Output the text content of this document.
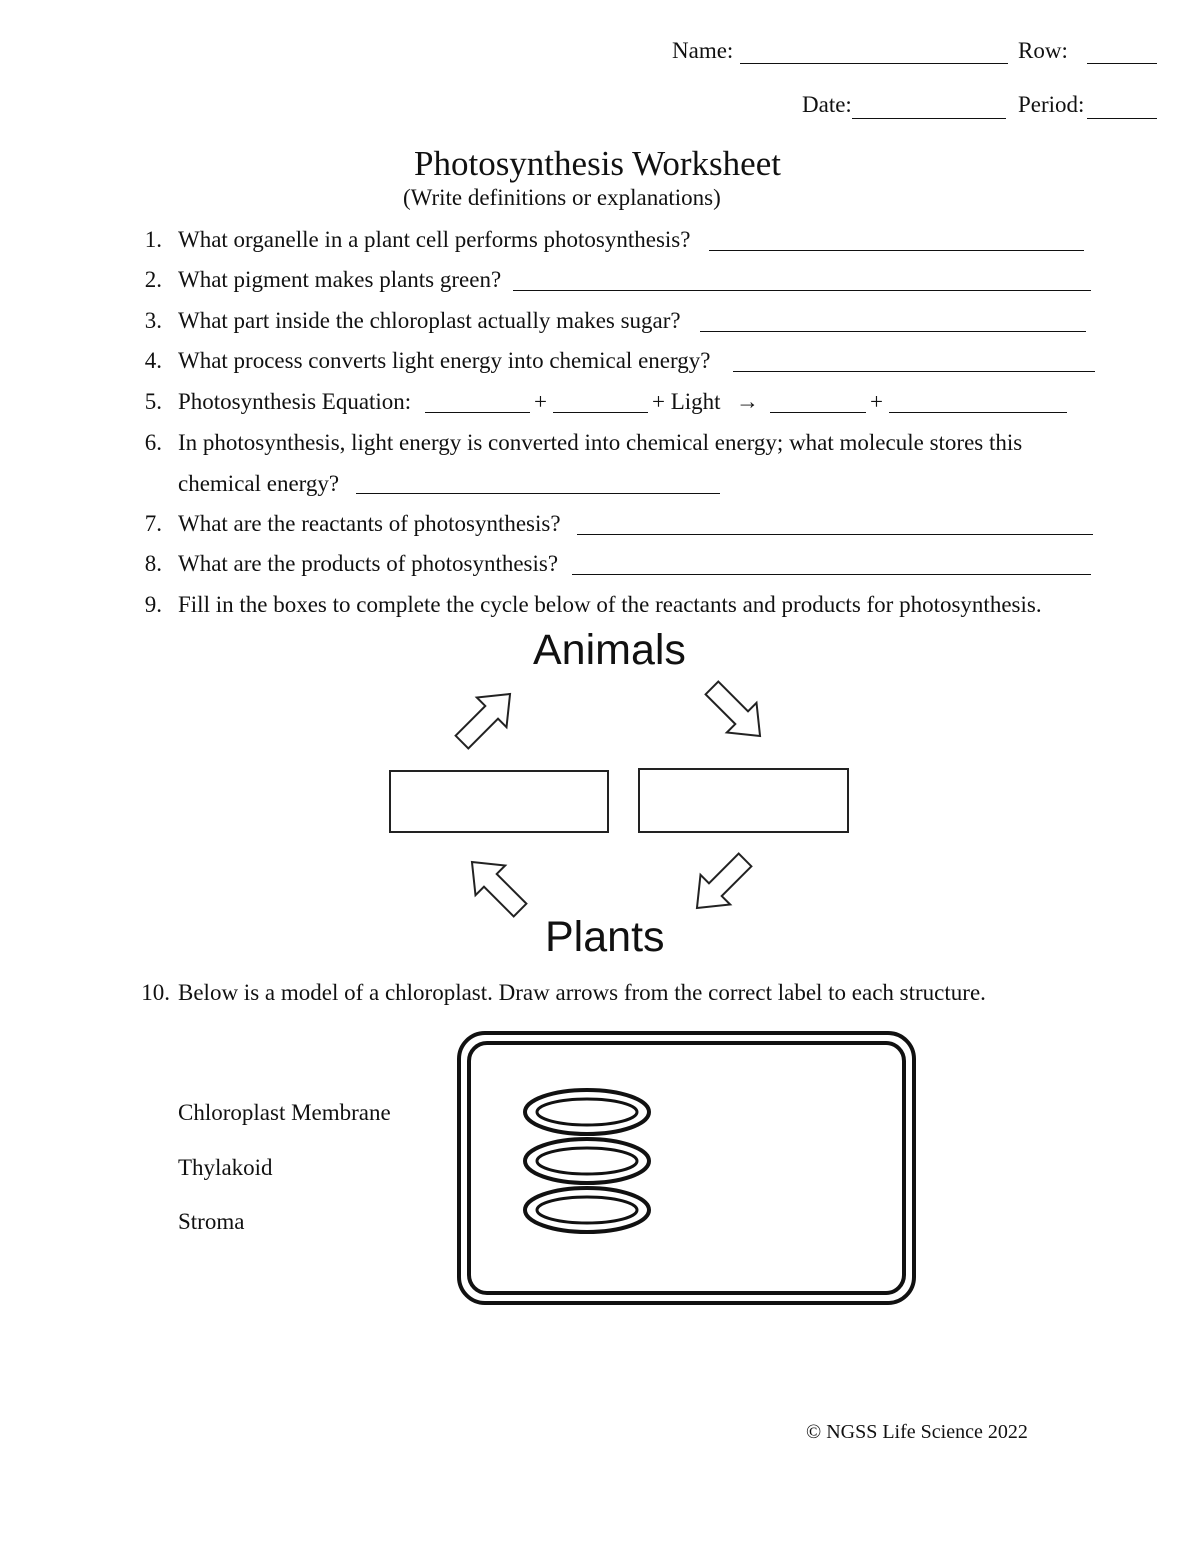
Name:	Row:
Date:	Period:
Photosynthesis Worksheet
(Write definitions or explanations)
1. What organelle in a plant cell performs photosynthesis?
2. What pigment makes plants green?
3. What part inside the chloroplast actually makes sugar?
4. What process converts light energy into chemical energy?
5. Photosynthesis Equation:	+	+ Light →	+
6. In photosynthesis, light energy is converted into chemical energy; what molecule stores this
chemical energy?
7. What are the reactants of photosynthesis?
8. What are the products of photosynthesis?
9. Fill in the boxes to complete the cycle below of the reactants and products for photosynthesis.
Animals
Plants
10. Below is a model of a chloroplast. Draw arrows from the correct label to each structure.
Chloroplast Membrane
Thylakoid
Stroma
© NGSS Life Science 2022
